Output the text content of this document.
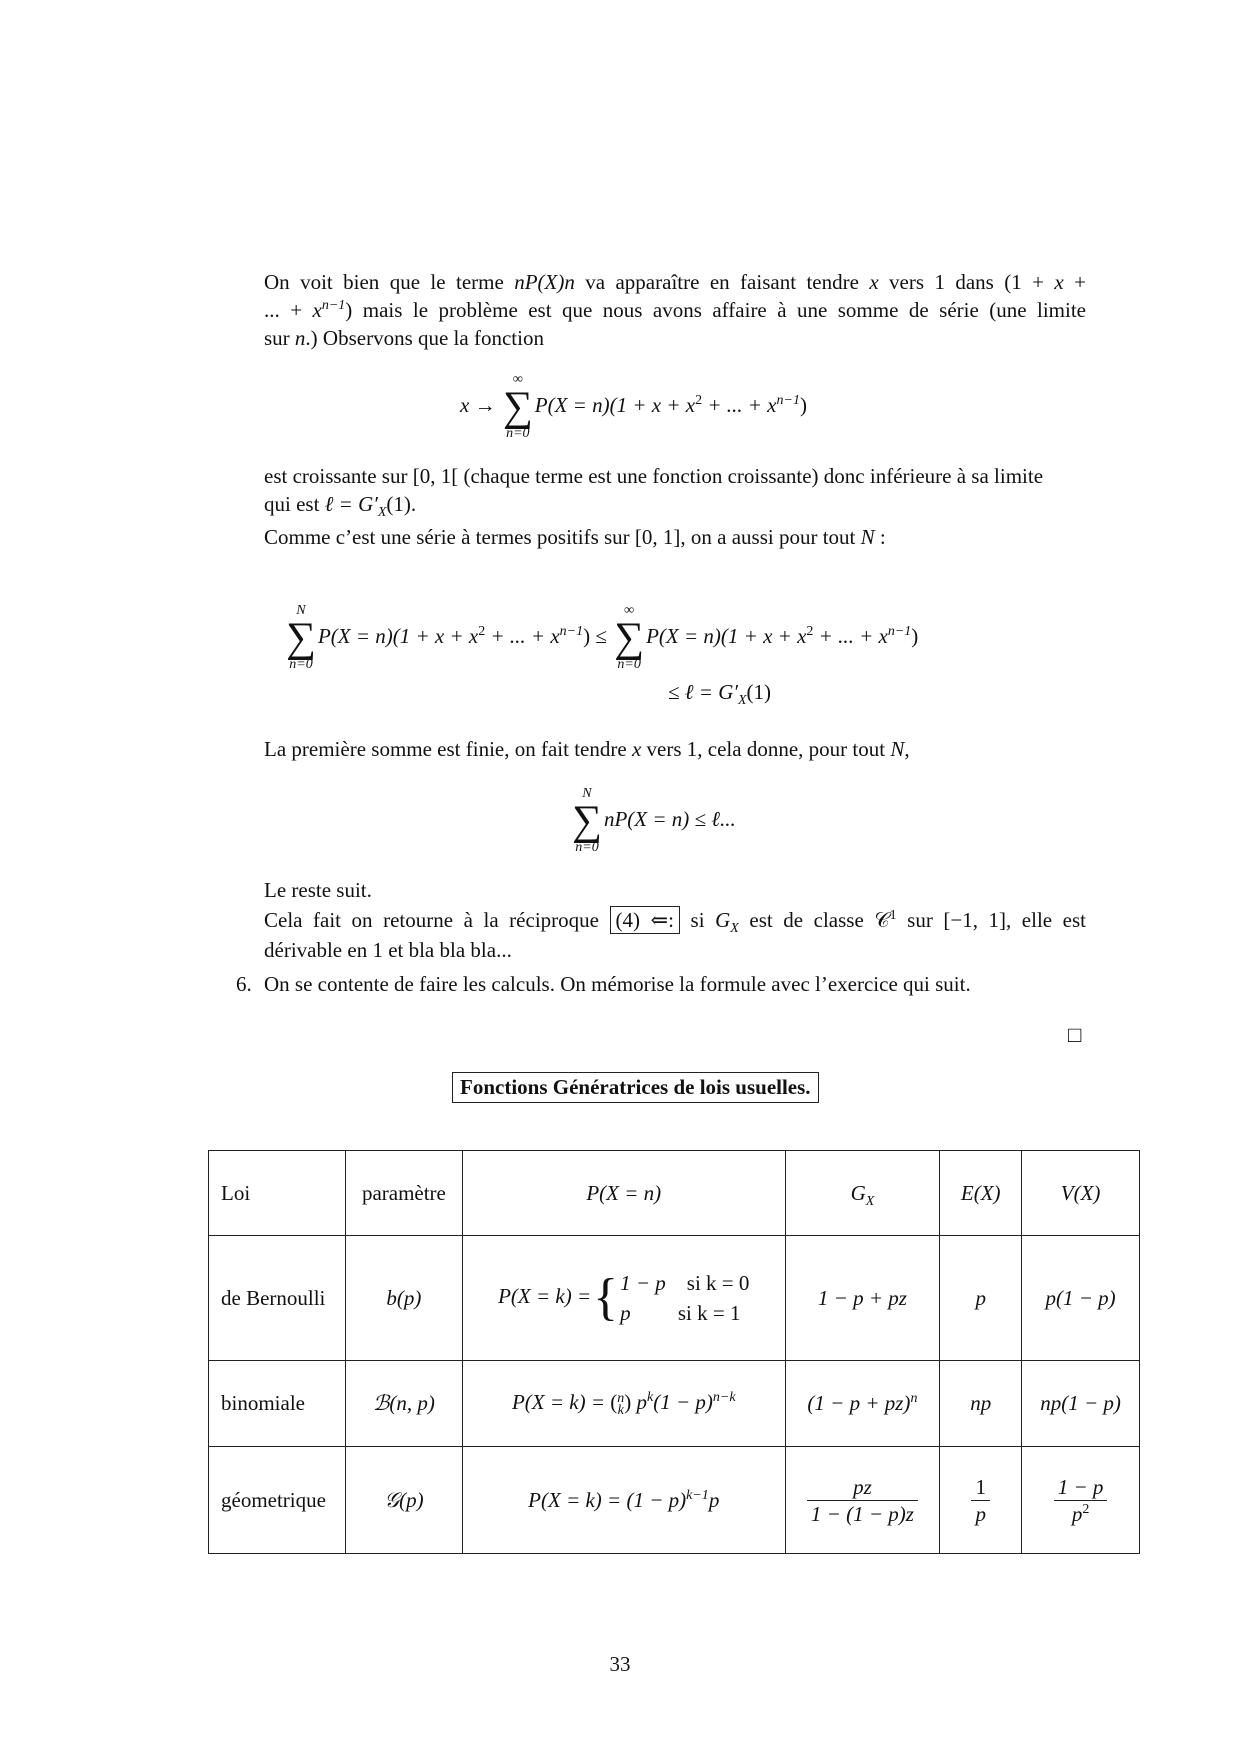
On voit bien que le terme nP(X)n va apparaître en faisant tendre x vers 1 dans (1 + x +
... + $x^{n-1}$) mais le problème est que nous avons affaire à une somme de série (une limite
sur n.) Observons que la fonction
x →
∞
∑
n=0
$P(X = n)(1 + x + x^2$ + ... + $x^{n-1}$)
est croissante sur [0, 1[ (chaque terme est une fonction croissante) donc inférieure à sa limite
qui est ℓ = $G'_X(1)$.
Comme c’est une série à termes positifs sur [0, 1], on a aussi pour tout N :
N
∑
n=0
$P(X = n)(1 + x + x^2$ + ... + $x^{n-1}$) ≤
∞
∑
n=0
$P(X = n)(1 + x + x^2$ + ... + $x^{n-1}$)
≤ ℓ = $G'_X(1)$
La première somme est finie, on fait tendre x vers 1, cela donne, pour tout N,
N
∑
n=0
nP(X = n) ≤ ℓ...
Le reste suit.
Cela fait on retourne à la réciproque (4) ⇐: si $G_X$ est de classe 𝒞$^1$ sur [−1, 1], elle est
dérivable en 1 et bla bla bla...
6. On se contente de faire les calculs. On mémorise la formule avec l’exercice qui suit.
□
Fonctions Génératrices de lois usuelles.
Loi	paramètre	P(X = n)	$G_X$	E(X)	V(X)
de Bernoulli	b(p)	P(X = k) ={1 − p si k = 0
p si k = 1	1 − p + pz	p	p(1 − p)
binomiale	ℬ(n, p)	P(X = k) = (n
k) $p^k(1 - p)^{n-k}$	(1 − p + pz)$^n$	np	np(1 − p)
géometrique	𝒢(p)	$P(X = k) = (1 - p)^{k-1}p$	$\frac{pz}{1 - (1 - p)z}$	$\frac{1}{p}$	$\frac{1 - p}{p^2}$
33
